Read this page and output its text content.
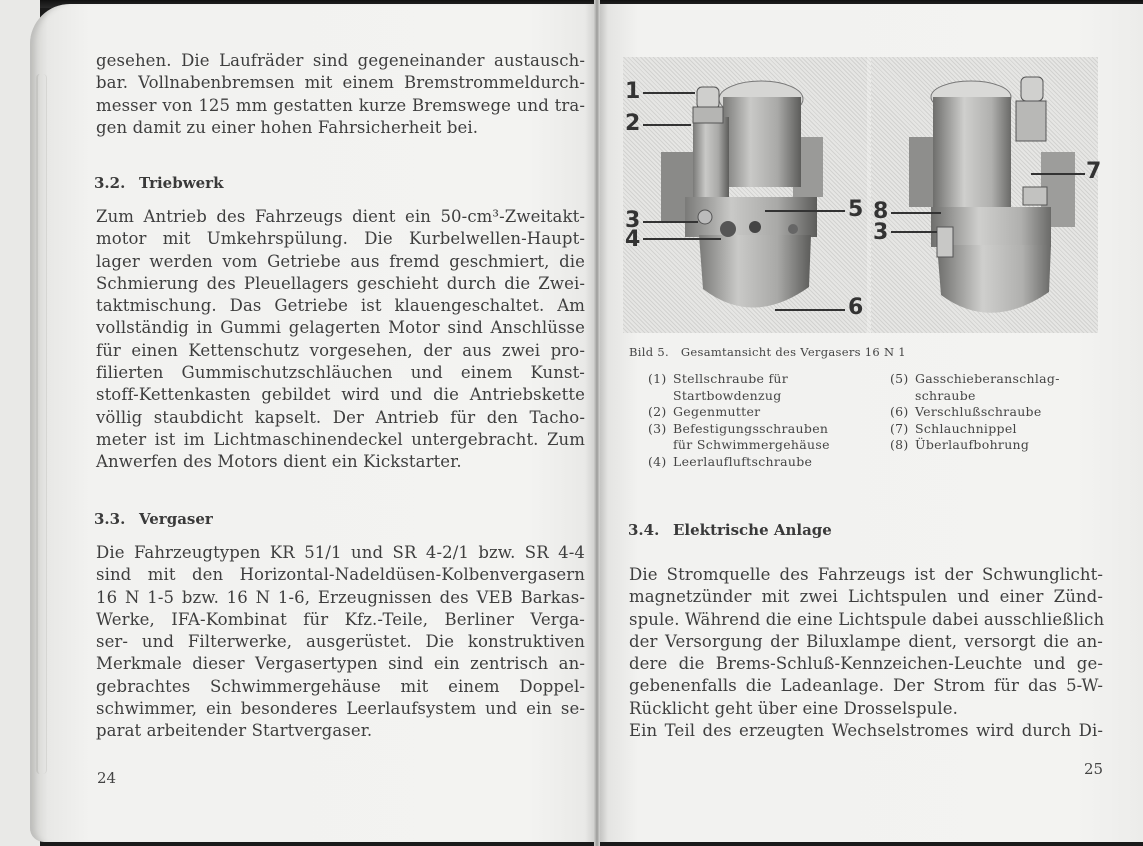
gesehen. Die Laufräder sind gegeneinander austausch-
bar. Vollnabenbremsen mit einem Bremstrommeldurch-
messer von 125 mm gestatten kurze Bremswege und tra-
gen damit zu einer hohen Fahrsicherheit bei.
3.2. Triebwerk
Zum Antrieb des Fahrzeugs dient ein 50-cm³-Zweitakt-
motor mit Umkehrspülung. Die Kurbelwellen-Haupt-
lager werden vom Getriebe aus fremd geschmiert, die
Schmierung des Pleuellagers geschieht durch die Zwei-
taktmischung. Das Getriebe ist klauengeschaltet. Am
vollständig in Gummi gelagerten Motor sind Anschlüsse
für einen Kettenschutz vorgesehen, der aus zwei pro-
filierten Gummischutzschläuchen und einem Kunst-
stoff-Kettenkasten gebildet wird und die Antriebskette
völlig staubdicht kapselt. Der Antrieb für den Tacho-
meter ist im Lichtmaschinendeckel untergebracht. Zum
Anwerfen des Motors dient ein Kickstarter.
3.3. Vergaser
Die Fahrzeugtypen KR 51/1 und SR 4-2/1 bzw. SR 4-4
sind mit den Horizontal-Nadeldüsen-Kolbenvergasern
16 N 1-5 bzw. 16 N 1-6, Erzeugnissen des VEB Barkas-
Werke, IFA-Kombinat für Kfz.-Teile, Berliner Verga-
ser- und Filterwerke, ausgerüstet. Die konstruktiven
Merkmale dieser Vergasertypen sind ein zentrisch an-
gebrachtes Schwimmergehäuse mit einem Doppel-
schwimmer, ein besonderes Leerlaufsystem und ein se-
parat arbeitender Startvergaser.
24
1
2
3
4
5
6
8
3
7
Bild 5. Gesamtansicht des Vergasers 16 N 1
(1) Stellschraube für
Startbowdenzug
(2) Gegenmutter
(3) Befestigungsschrauben
für Schwimmergehäuse
(4) Leerlaufluftschraube
(5) Gasschieberanschlag-
schraube
(6) Verschlußschraube
(7) Schlauchnippel
(8) Überlaufbohrung
3.4. Elektrische Anlage
Die Stromquelle des Fahrzeugs ist der Schwunglicht-
magnetzünder mit zwei Lichtspulen und einer Zünd-
spule. Während die eine Lichtspule dabei ausschließlich
der Versorgung der Biluxlampe dient, versorgt die an-
dere die Brems-Schluß-Kennzeichen-Leuchte und ge-
gebenenfalls die Ladeanlage. Der Strom für das 5-W-
Rücklicht geht über eine Drosselspule.
Ein Teil des erzeugten Wechselstromes wird durch Di-
25
